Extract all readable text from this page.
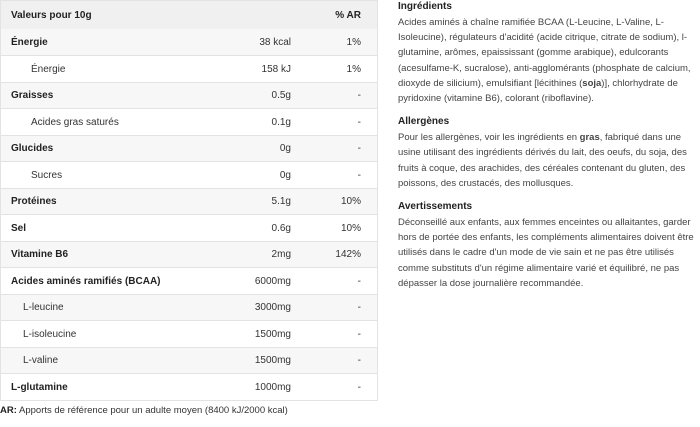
Valeurs pour 10g	% AR
Énergie	38 kcal	1%
Énergie	158 kJ	1%
Graisses	0.5g	-
Acides gras saturés	0.1g	-
Glucides	0g	-
Sucres	0g	-
Protéines	5.1g	10%
Sel	0.6g	10%
Vitamine B6	2mg	142%
Acides aminés ramifiés (BCAA)	6000mg	-
L-leucine	3000mg	-
L-isoleucine	1500mg	-
L-valine	1500mg	-
L-glutamine	1000mg	-
AR: Apports de référence pour un adulte moyen (8400 kJ/2000 kcal)
Ingrédients

Acides aminés à chaîne ramifiée BCAA (L-Leucine, L-Valine, L-Isoleucine), régulateurs d'acidité (acide citrique, citrate de sodium), l-glutamine, arômes, epaississant (gomme arabique), edulcorants (acesulfame-K, sucralose), anti-agglomérants (phosphate de calcium, dioxyde de silicium), emulsifiant [lécithines (soja)], chlorhydrate de pyridoxine (vitamine B6), colorant (riboflavine).

Allergènes

Pour les allergènes, voir les ingrédients en gras, fabriqué dans une usine utilisant des ingrédients dérivés du lait, des oeufs, du soja, des fruits à coque, des arachides, des céréales contenant du gluten, des poissons, des crustacés, des mollusques.

Avertissements

Déconseillé aux enfants, aux femmes enceintes ou allaitantes, garder hors de portée des enfants, les compléments alimentaires doivent être utilisés dans le cadre d'un mode de vie sain et ne pas être utilisés comme substituts d'un régime alimentaire varié et équilibré, ne pas dépasser la dose journalière recommandée.
